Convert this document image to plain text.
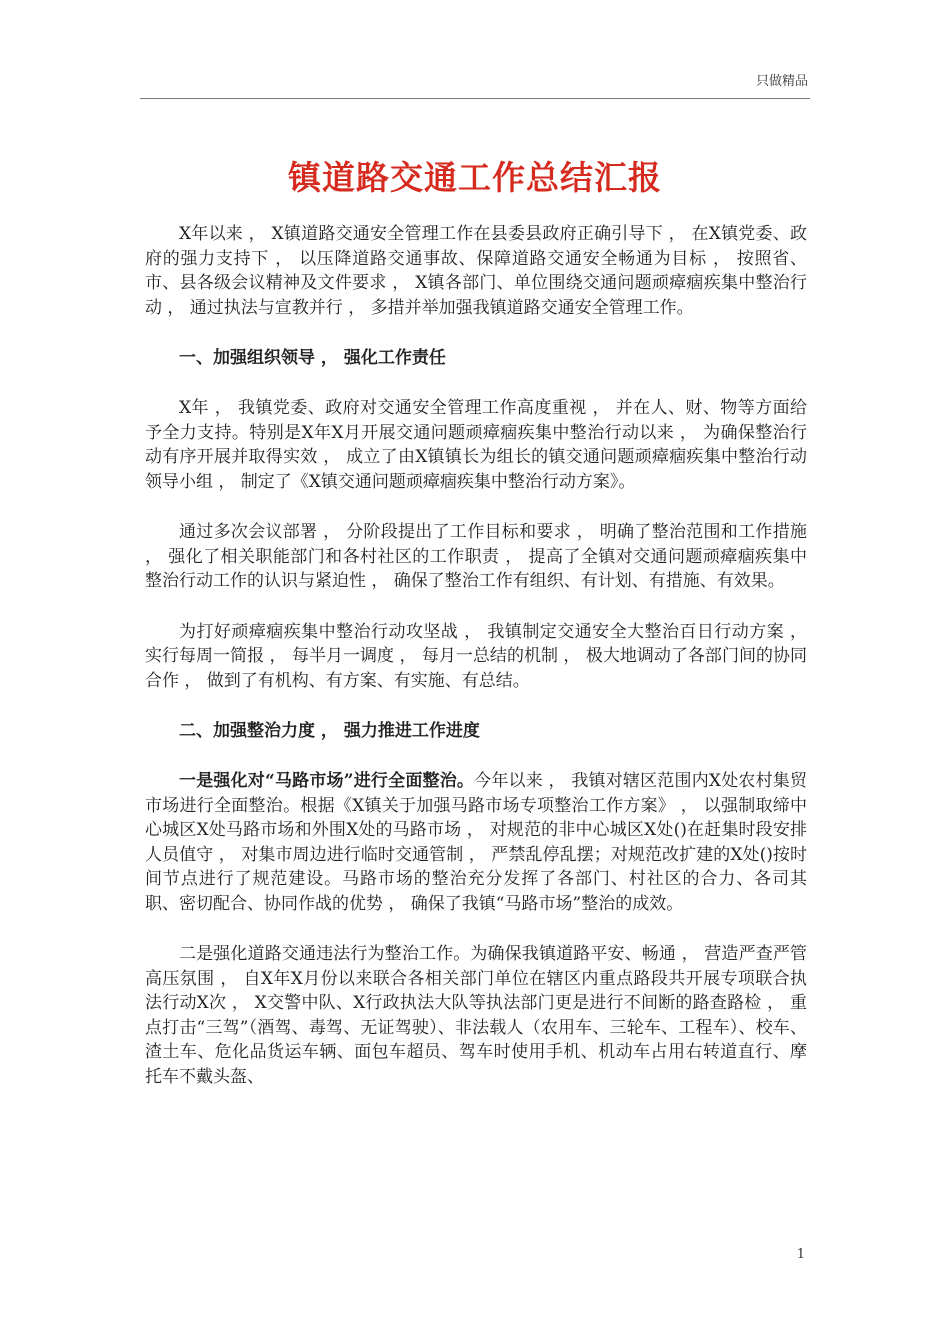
只做精品
镇道路交通工作总结汇报

X年以来 ， X镇道路交通安全管理工作在县委县政府正确引导下 ， 在X镇党委、政府的强力支持下 ， 以压降道路交通事故、保障道路交通安全畅通为目标 ， 按照省、市、县各级会议精神及文件要求 ， X镇各部门、单位围绕交通问题顽瘴痼疾集中整治行动 ， 通过执法与宣教并行 ， 多措并举加强我镇道路交通安全管理工作。

一、加强组织领导 ， 强化工作责任

X年 ， 我镇党委、政府对交通安全管理工作高度重视 ， 并在人、财、物等方面给予全力支持。特别是X年X月开展交通问题顽瘴痼疾集中整治行动以来 ， 为确保整治行动有序开展并取得实效 ， 成立了由X镇镇长为组长的镇交通问题顽瘴痼疾集中整治行动领导小组 ， 制定了《X镇交通问题顽瘴痼疾集中整治行动方案》。

通过多次会议部署 ， 分阶段提出了工作目标和要求 ， 明确了整治范围和工作措施 ， 强化了相关职能部门和各村社区的工作职责 ， 提高了全镇对交通问题顽瘴痼疾集中整治行动工作的认识与紧迫性 ， 确保了整治工作有组织、有计划、有措施、有效果。

为打好顽瘴痼疾集中整治行动攻坚战 ， 我镇制定交通安全大整治百日行动方案 ， 实行每周一简报 ， 每半月一调度 ， 每月一总结的机制 ， 极大地调动了各部门间的协同合作 ， 做到了有机构、有方案、有实施、有总结。

二、加强整治力度 ， 强力推进工作进度

一是强化对“马路市场”进行全面整治。今年以来 ， 我镇对辖区范围内X处农村集贸市场进行全面整治。根据《X镇关于加强马路市场专项整治工作方案》 ， 以强制取缔中心城区X处马路市场和外围X处的马路市场 ， 对规范的非中心城区X处()在赶集时段安排人员值守 ， 对集市周边进行临时交通管制 ， 严禁乱停乱摆；对规范改扩建的X处()按时间节点进行了规范建设。马路市场的整治充分发挥了各部门、村社区的合力、各司其职、密切配合、协同作战的优势 ， 确保了我镇“马路市场”整治的成效。

二是强化道路交通违法行为整治工作。为确保我镇道路平安、畅通 ， 营造严查严管高压氛围 ， 自X年X月份以来联合各相关部门单位在辖区内重点路段共开展专项联合执法行动X次 ， X交警中队、X行政执法大队等执法部门更是进行不间断的路查路检 ， 重点打击“三驾”（酒驾、毒驾、无证驾驶）、非法载人（农用车、三轮车、工程车）、校车、渣土车、危化品货运车辆、面包车超员、驾车时使用手机、机动车占用右转道直行、摩托车不戴头盔、

1
